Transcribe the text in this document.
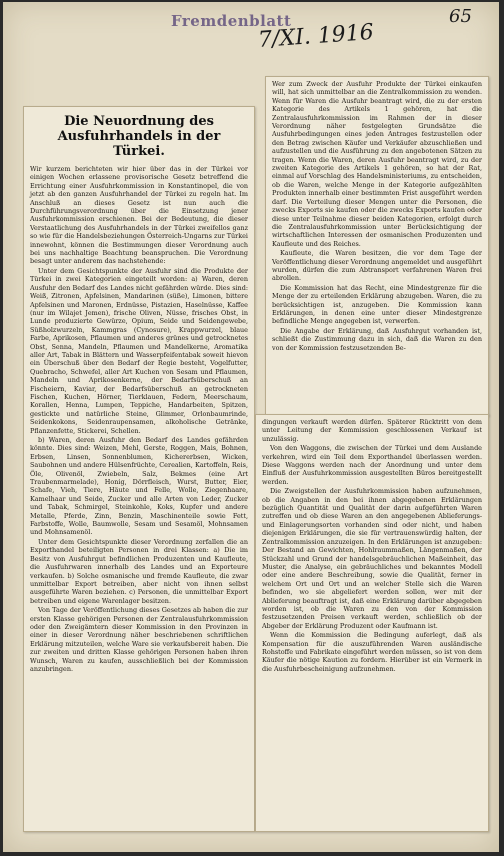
Fremdenblatt
7/XI. 1916
65
Die Neuordnung des Ausfuhrhandels in der Türkei.

Wir kurzem berichteten wir hier über das in der Türkei vor einigen Wochen erlassene provisorische Gesetz betreffend die Errichtung einer Ausfuhrkommission in Konstantinopel, die von jetzt ab den ganzen Ausfuhrhandel der Türkei zu regeln hat. Im Anschluß an dieses Gesetz ist nun auch die Durchführungsverordnung über die Einsetzung jener Ausfuhrkommission erschienen. Bei der Bedeutung, die dieser Verstaatlichung des Ausfuhrhandels in der Türkei zweifellos ganz so wie für die Handelsbeziehungen Österreich-Ungarns zur Türkei innewohnt, können die Bestimmungen dieser Verordnung auch bei uns nachhaltige Beachtung beanspruchen. Die Verordnung besagt unter anderem das nachstehende:

Unter dem Gesichtspunkte der Ausfuhr sind die Produkte der Türkei in zwei Kategorien eingeteilt worden: a) Waren, deren Ausfuhr den Bedarf des Landes nicht gefährden würde. Dies sind: Weiß, Zitronen, Apfelsinen, Mandarinen (süße), Limonen, bittere Apfelsinen und Maronen, Erdnüsse, Pistazien, Haselnüsse, Kaffee (nur im Wilajet Jemen), frische Oliven, Nüsse, frisches Obst, in Lunde produzierte Gewürze, Opium, Seide und Seidengewebe, Süßholzwurzeln, Kammgras (Cynosure), Krappwurzel, blaue Farbe, Aprikosen, Pflaumen und anderes grünes und getrocknetes Obst, Senna, Mandeln, Pflaumen und Mandelkerne, Aromatika aller Art, Tabak in Blättern und Wasserpfeifentabak soweit hievon ein Überschuß über den Bedarf der Regie besteht, Vogelfutter, Quebracho, Schwefel, aller Art Kuchen von Sesam und Pflaumen, Mandeln und Aprikosenkerne, der Bedarfsüberschuß an Fischeiern, Kaviar, der Bedarfsüberschuß an getrockneten Fischen, Kuchen, Hörner, Tierklauen, Federn, Meerschaum, Korallen, Henna, Lumpen, Teppiche, Handarbeiten, Spitzen, gestickte und natürliche Steine, Glimmer, Orlonbaumrinde, Seidenkokons, Seidenraupensamen, alkoholische Getränke, Pflanzenfette, Stickerei, Schellen.

b) Waren, deren Ausfuhr den Bedarf des Landes gefährden könnte. Dies sind: Weizen, Mehl, Gerste, Roggen, Mais, Bohnen, Erbsen, Linsen, Sonnenblumen, Kichererbsen, Wicken, Saubohnen und andere Hülsenfrüchte, Cerealien, Kartoffeln, Reis, Öle, Olivenöl, Zwiebeln, Salz, Bekmes (eine Art Traubenmarmelade), Honig, Dörrfleisch, Wurst, Butter, Eier, Schafe, Vieh, Tiere, Häute und Felle, Wolle, Ziegenhaare, Kamelhaar und Seide, Zucker und alle Arten von Leder, Zucker und Tabak, Schmirgel, Steinkohle, Koks, Kupfer und andere Metalle, Pferde, Zinn, Benzin, Maschinenteile sowie Fett, Farbstoffe, Wolle, Baumwolle, Sesam und Sesamöl, Mohnsamen und Mohnsamenöl.

Unter dem Gesichtspunkte dieser Verordnung zerfallen die an Exporthandel beteiligten Personen in drei Klassen: a) Die im Besitz von Ausfuhrgut befindlichen Produzenten und Kaufleute, die Ausfuhrwaren innerhalb des Landes und an Exporteure verkaufen. b) Solche osmanische und fremde Kaufleute, die zwar unmittelbar Export betreiben, aber nicht von ihnen selbst ausgeführte Waren beziehen. c) Personen, die unmittelbar Export betreiben und eigene Warenlager besitzen.

Von Tage der Veröffentlichung dieses Gesetzes ab haben die zur ersten Klasse gehörigen Personen der Zentralausfuhrkommission oder den Zweigämtern dieser Kommission in den Provinzen in einer in dieser Verordnung näher beschriebenen schriftlichen Erklärung mitzuteilen, welche Ware sie verkaufsbereit haben. Die zur zweiten und dritten Klasse gehörigen Personen haben ihren Wunsch, Waren zu kaufen, ausschließlich bei der Kommission anzubringen.

Wer zum Zweck der Ausfuhr Produkte der Türkei einkaufen will, hat sich unmittelbar an die Zentralkommission zu wenden. Wenn für Waren die Ausfuhr beantragt wird, die zu der ersten Kategorie des Artikels 1 gehören, hat die Zentralausfuhrkommission im Rahmen der in dieser Verordnung näher festgelegten Grundsätze die Ausfuhrbedingungen eines jeden Antrages festzustellen oder den Betrag zwischen Käufer und Verkäufer abzuschließen und aufzustellen und die Ausführung zu den angebotenen Sätzen zu tragen. Wenn die Waren, deren Ausfuhr beantragt wird, zu der zweiten Kategorie des Artikels 1 gehören, so hat der Rat, einmal auf Vorschlag des Handelsministeriums, zu entscheiden, ob die Waren, welche Menge in der Kategorie aufgezählten Produkten innerhalb einer bestimmten Frist ausgeführt werden darf. Die Verteilung dieser Mengen unter die Personen, die zwecks Exports sie kaufen oder die zwecks Exports kaufen oder diese unter Teilnahme dieser beiden Kategorien, erfolgt durch die Zentralausfuhrkommission unter Berücksichtigung der wirtschaftlichen Interessen der osmanischen Produzenten und Kaufleute und des Reiches.

Kaufleute, die Waren besitzen, die vor dem Tage der Veröffentlichung dieser Verordnung angemeldet und ausgeführt wurden, dürfen die zum Abtransport verfahrenen Waren frei abrollen.

Die Kommission hat das Recht, eine Mindestgrenze für die Menge der zu erteilenden Erklärung abzugeben. Waren, die zu berücksichtigen ist, anzugeben. Die Kommission kann Erklärungen, in denen eine unter dieser Mindestgrenze befindliche Menge angegeben ist, verwerfen.

Die Angabe der Erklärung, daß Ausfuhrgut vorhanden ist, schließt die Zustimmung dazu in sich, daß die Waren zu den von der Kommission festzusetzenden Be-

dingungen verkauft werden dürfen. Späterer Rücktritt von dem unter Leitung der Kommission geschlossenen Verkauf ist unzulässig.

Von den Waggons, die zwischen der Türkei und dem Auslande verkehren, wird ein Teil dem Exporthandel überlassen werden. Diese Waggons werden nach der Anordnung und unter dem Einfluß der Ausfuhrkommission ausgestellten Büros bereitgestellt werden.

Die Zweigstellen der Ausfuhrkommission haben aufzunehmen, ob die Angaben in den bei ihnen abgegebenen Erklärungen bezüglich Quantität und Qualität der darin aufgeführten Waren zutreffen und ob diese Waren an den angegebenen Ablieferungs- und Einlagerungsorten vorhanden sind oder nicht, und haben diejenigen Erklärungen, die sie für vertrauenswürdig halten, der Zentralkommission anzuzeigen. In den Erklärungen ist anzugeben: Der Bestand an Gewichten, Hohlraummaßen, Längenmaßen, der Stückzahl und Grund der handelsgebräuchlichen Maßeinheit, das Muster, die Analyse, ein gebräuchliches und bekanntes Modell oder eine andere Beschreibung, sowie die Qualität, ferner in welchem Ort und Ort und an welcher Stelle sich die Waren befinden, wo sie abgeliefert werden sollen, wer mit der Ablieferung beauftragt ist, daß eine Erklärung darüber abgegeben worden ist, ob die Waren zu den von der Kommission festzusetzenden Preisen verkauft werden, schließlich ob der Abgeber der Erklärung Produzent oder Kaufmann ist.

Wenn die Kommission die Bedingung auferlegt, daß als Kompensation für die auszuführenden Waren ausländische Rohstoffe und Fabrikate eingeführt werden müssen, so ist von dem Käufer die nötige Kaution zu fordern. Hierüber ist ein Vermerk in die Ausfuhrbescheinigung aufzunehmen.
